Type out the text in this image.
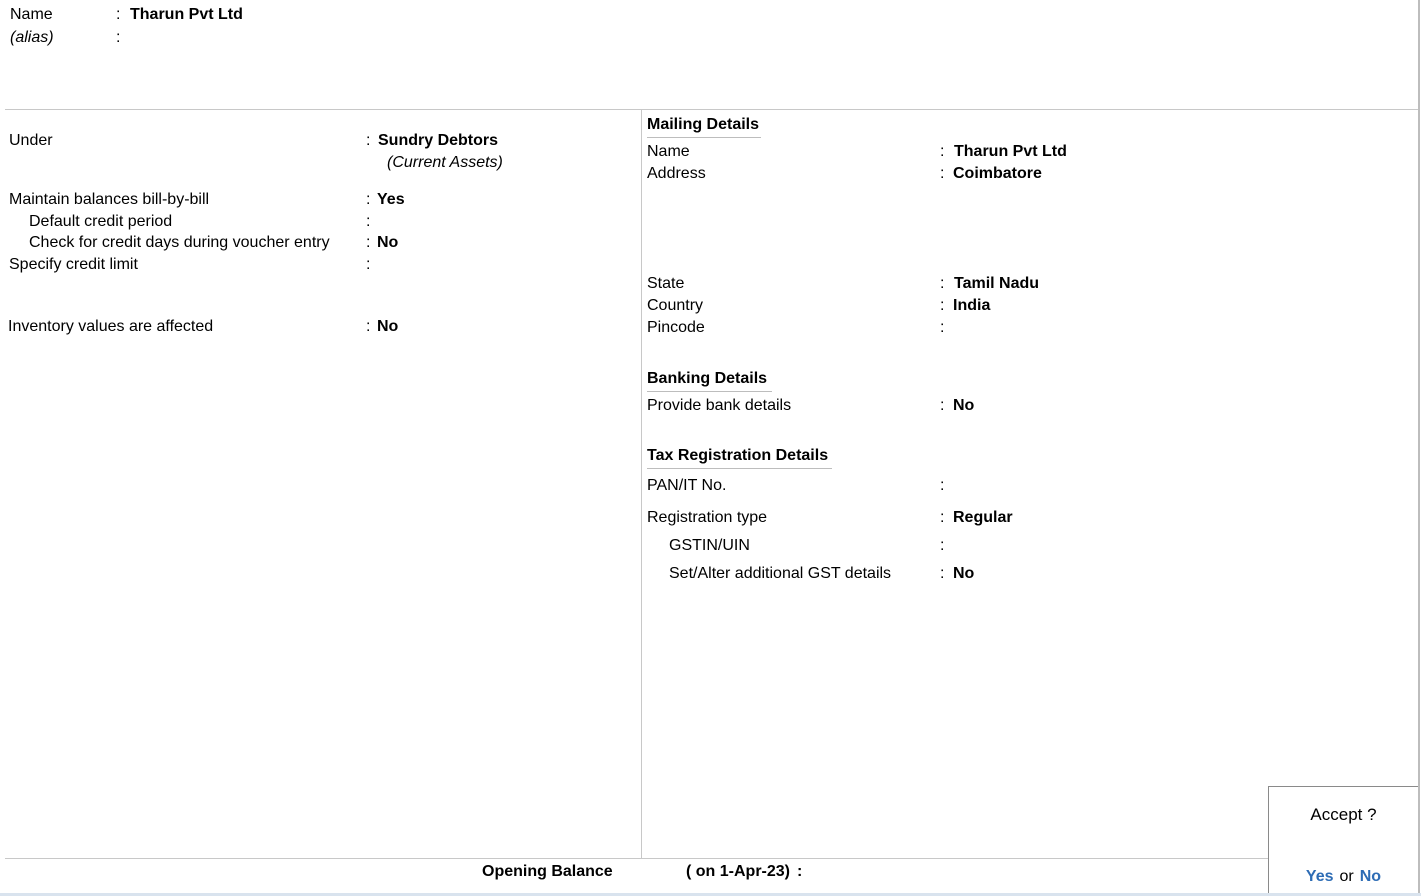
Name	: Tharun Pvt Ltd
(alias)	:
Under	: Sundry Debtors
(Current Assets)
Maintain balances bill-by-bill	: Yes
Default credit period	:
Check for credit days during voucher entry : No
Specify credit limit	:
Inventory values are affected	: No
Mailing Details
Name	: Tharun Pvt Ltd
Address	: Coimbatore
State	: Tamil Nadu
Country	: India
Pincode	:
Banking Details
Provide bank details	: No
Tax Registration Details
PAN/IT No.	:
Registration type	: Regular
GSTIN/UIN	:
Set/Alter additional GST details	: No
Opening Balance	( on 1-Apr-23) :
Accept ?
Yes or No
